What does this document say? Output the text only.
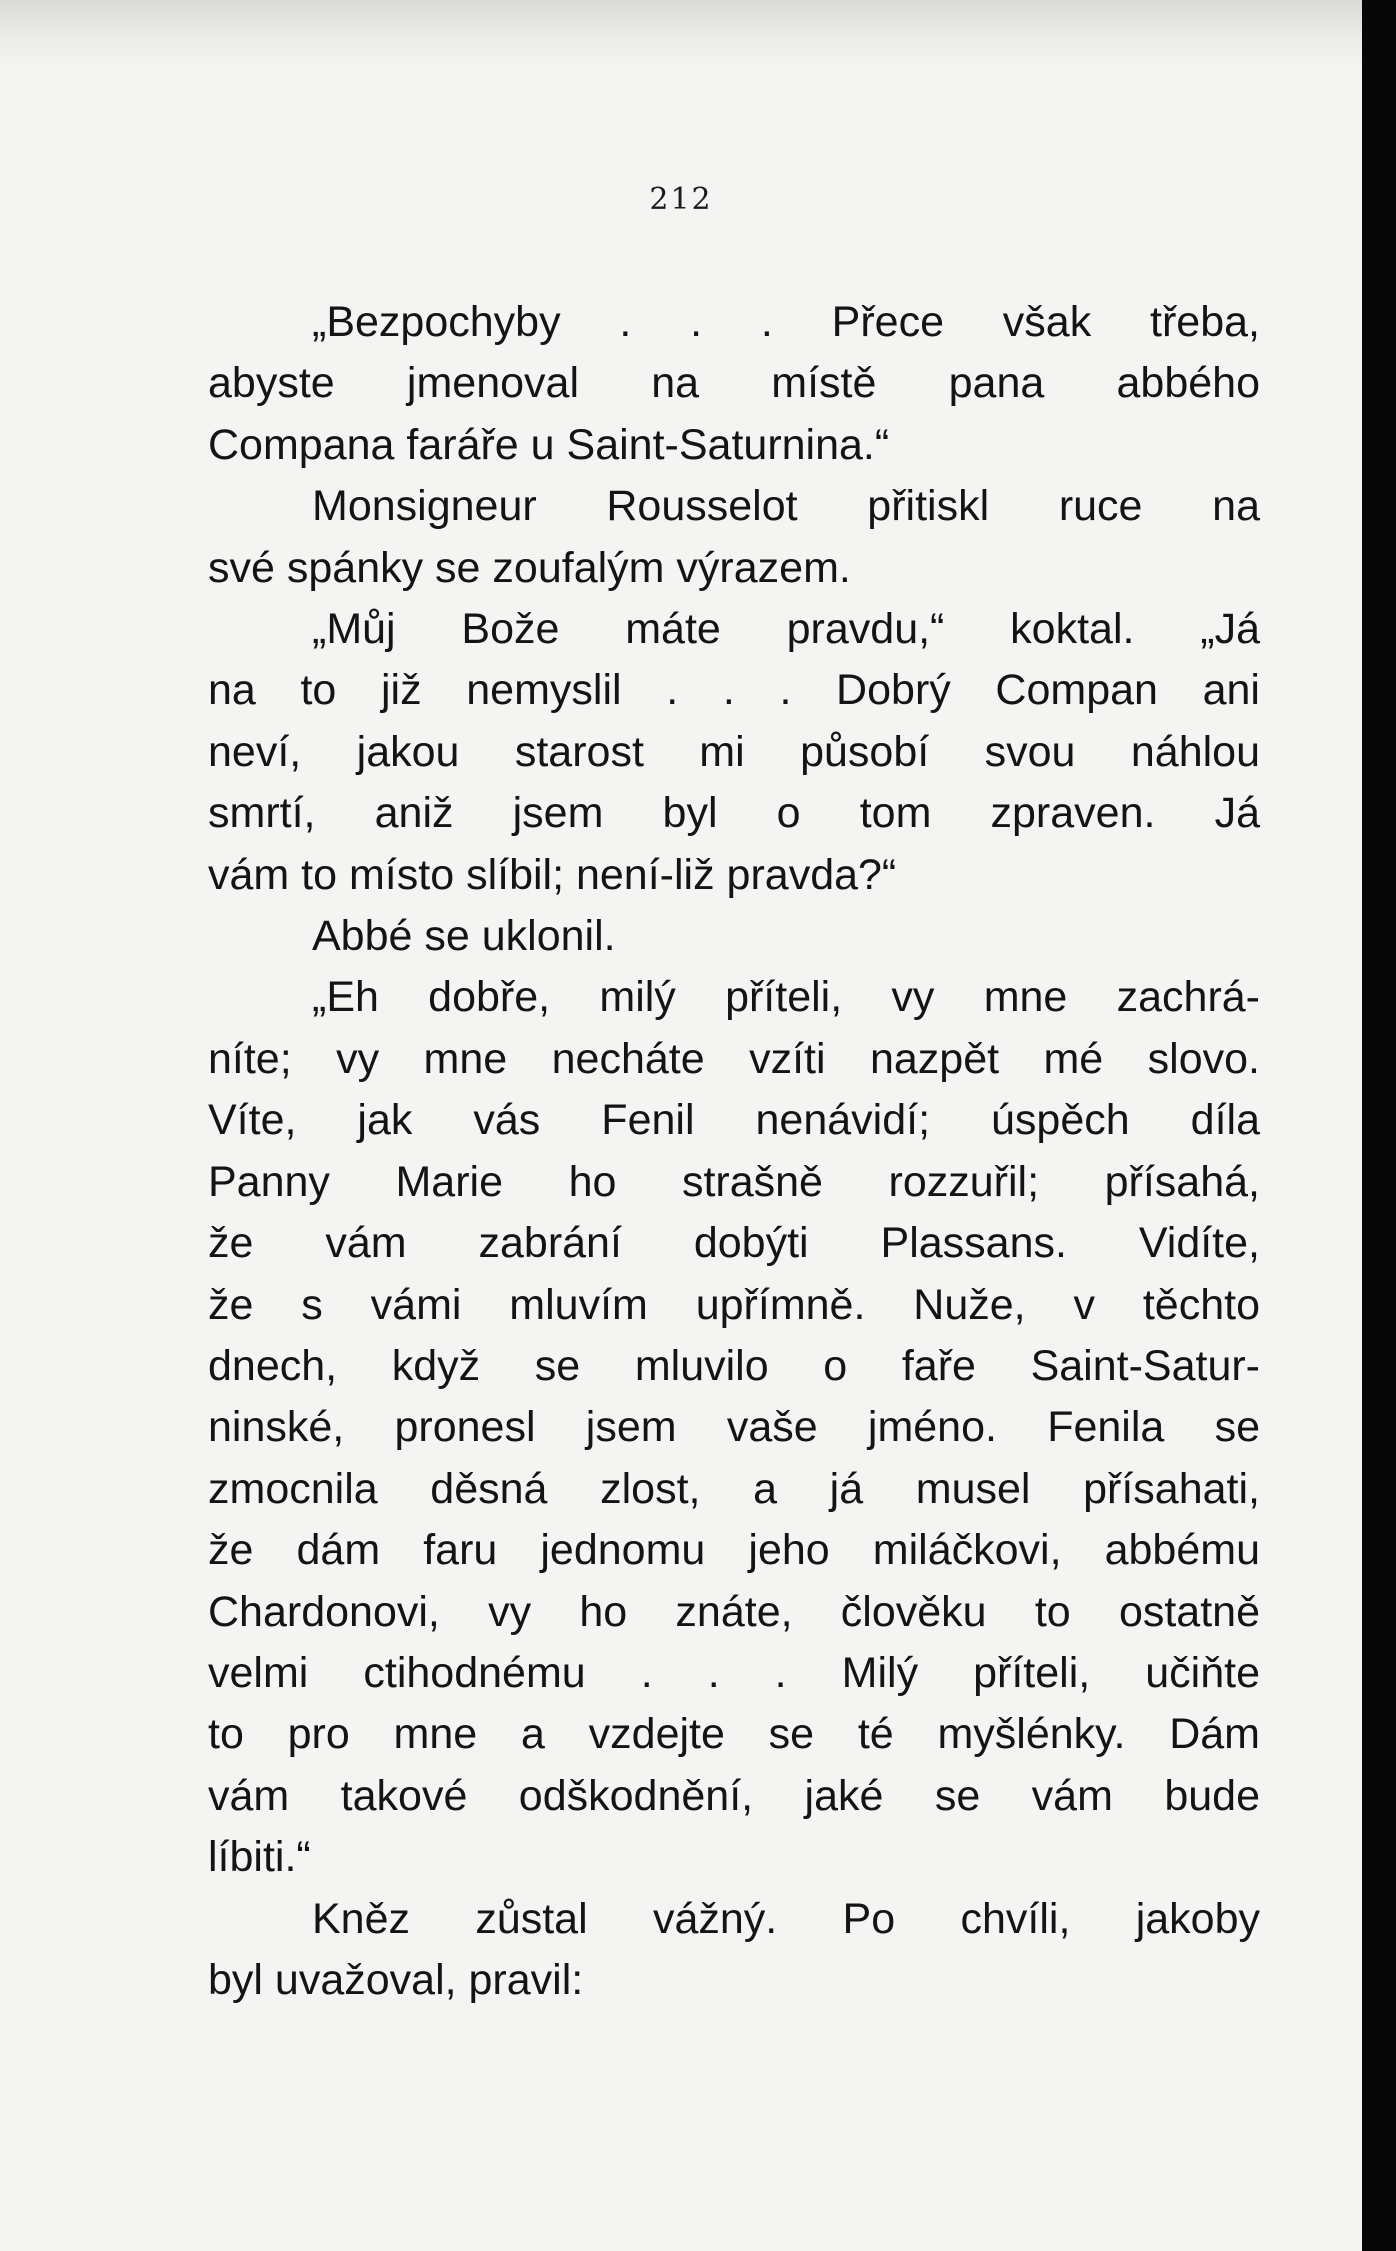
212
„Bezpochyby . . . Přece však třeba,
abyste jmenoval na místě pana abbého
Compana faráře u Saint-Saturnina.“
Monsigneur Rousselot přitiskl ruce na
své spánky se zoufalým výrazem.
„Můj Bože máte pravdu,“ koktal. „Já
na to již nemyslil . . . Dobrý Compan ani
neví, jakou starost mi působí svou náhlou
smrtí, aniž jsem byl o tom zpraven. Já
vám to místo slíbil; není-liž pravda?“
Abbé se uklonil.
„Eh dobře, milý příteli, vy mne zachrá-
níte; vy mne necháte vzíti nazpět mé slovo.
Víte, jak vás Fenil nenávidí; úspěch díla
Panny Marie ho strašně rozzuřil; přísahá,
že vám zabrání dobýti Plassans. Vidíte,
že s vámi mluvím upřímně. Nuže, v těchto
dnech, když se mluvilo o faře Saint-Satur-
ninské, pronesl jsem vaše jméno. Fenila se
zmocnila děsná zlost, a já musel přísahati,
že dám faru jednomu jeho miláčkovi, abbému
Chardonovi, vy ho znáte, člověku to ostatně
velmi ctihodnému . . . Milý příteli, učiňte
to pro mne a vzdejte se té myšlénky. Dám
vám takové odškodnění, jaké se vám bude
líbiti.“
Kněz zůstal vážný. Po chvíli, jakoby
byl uvažoval, pravil:
